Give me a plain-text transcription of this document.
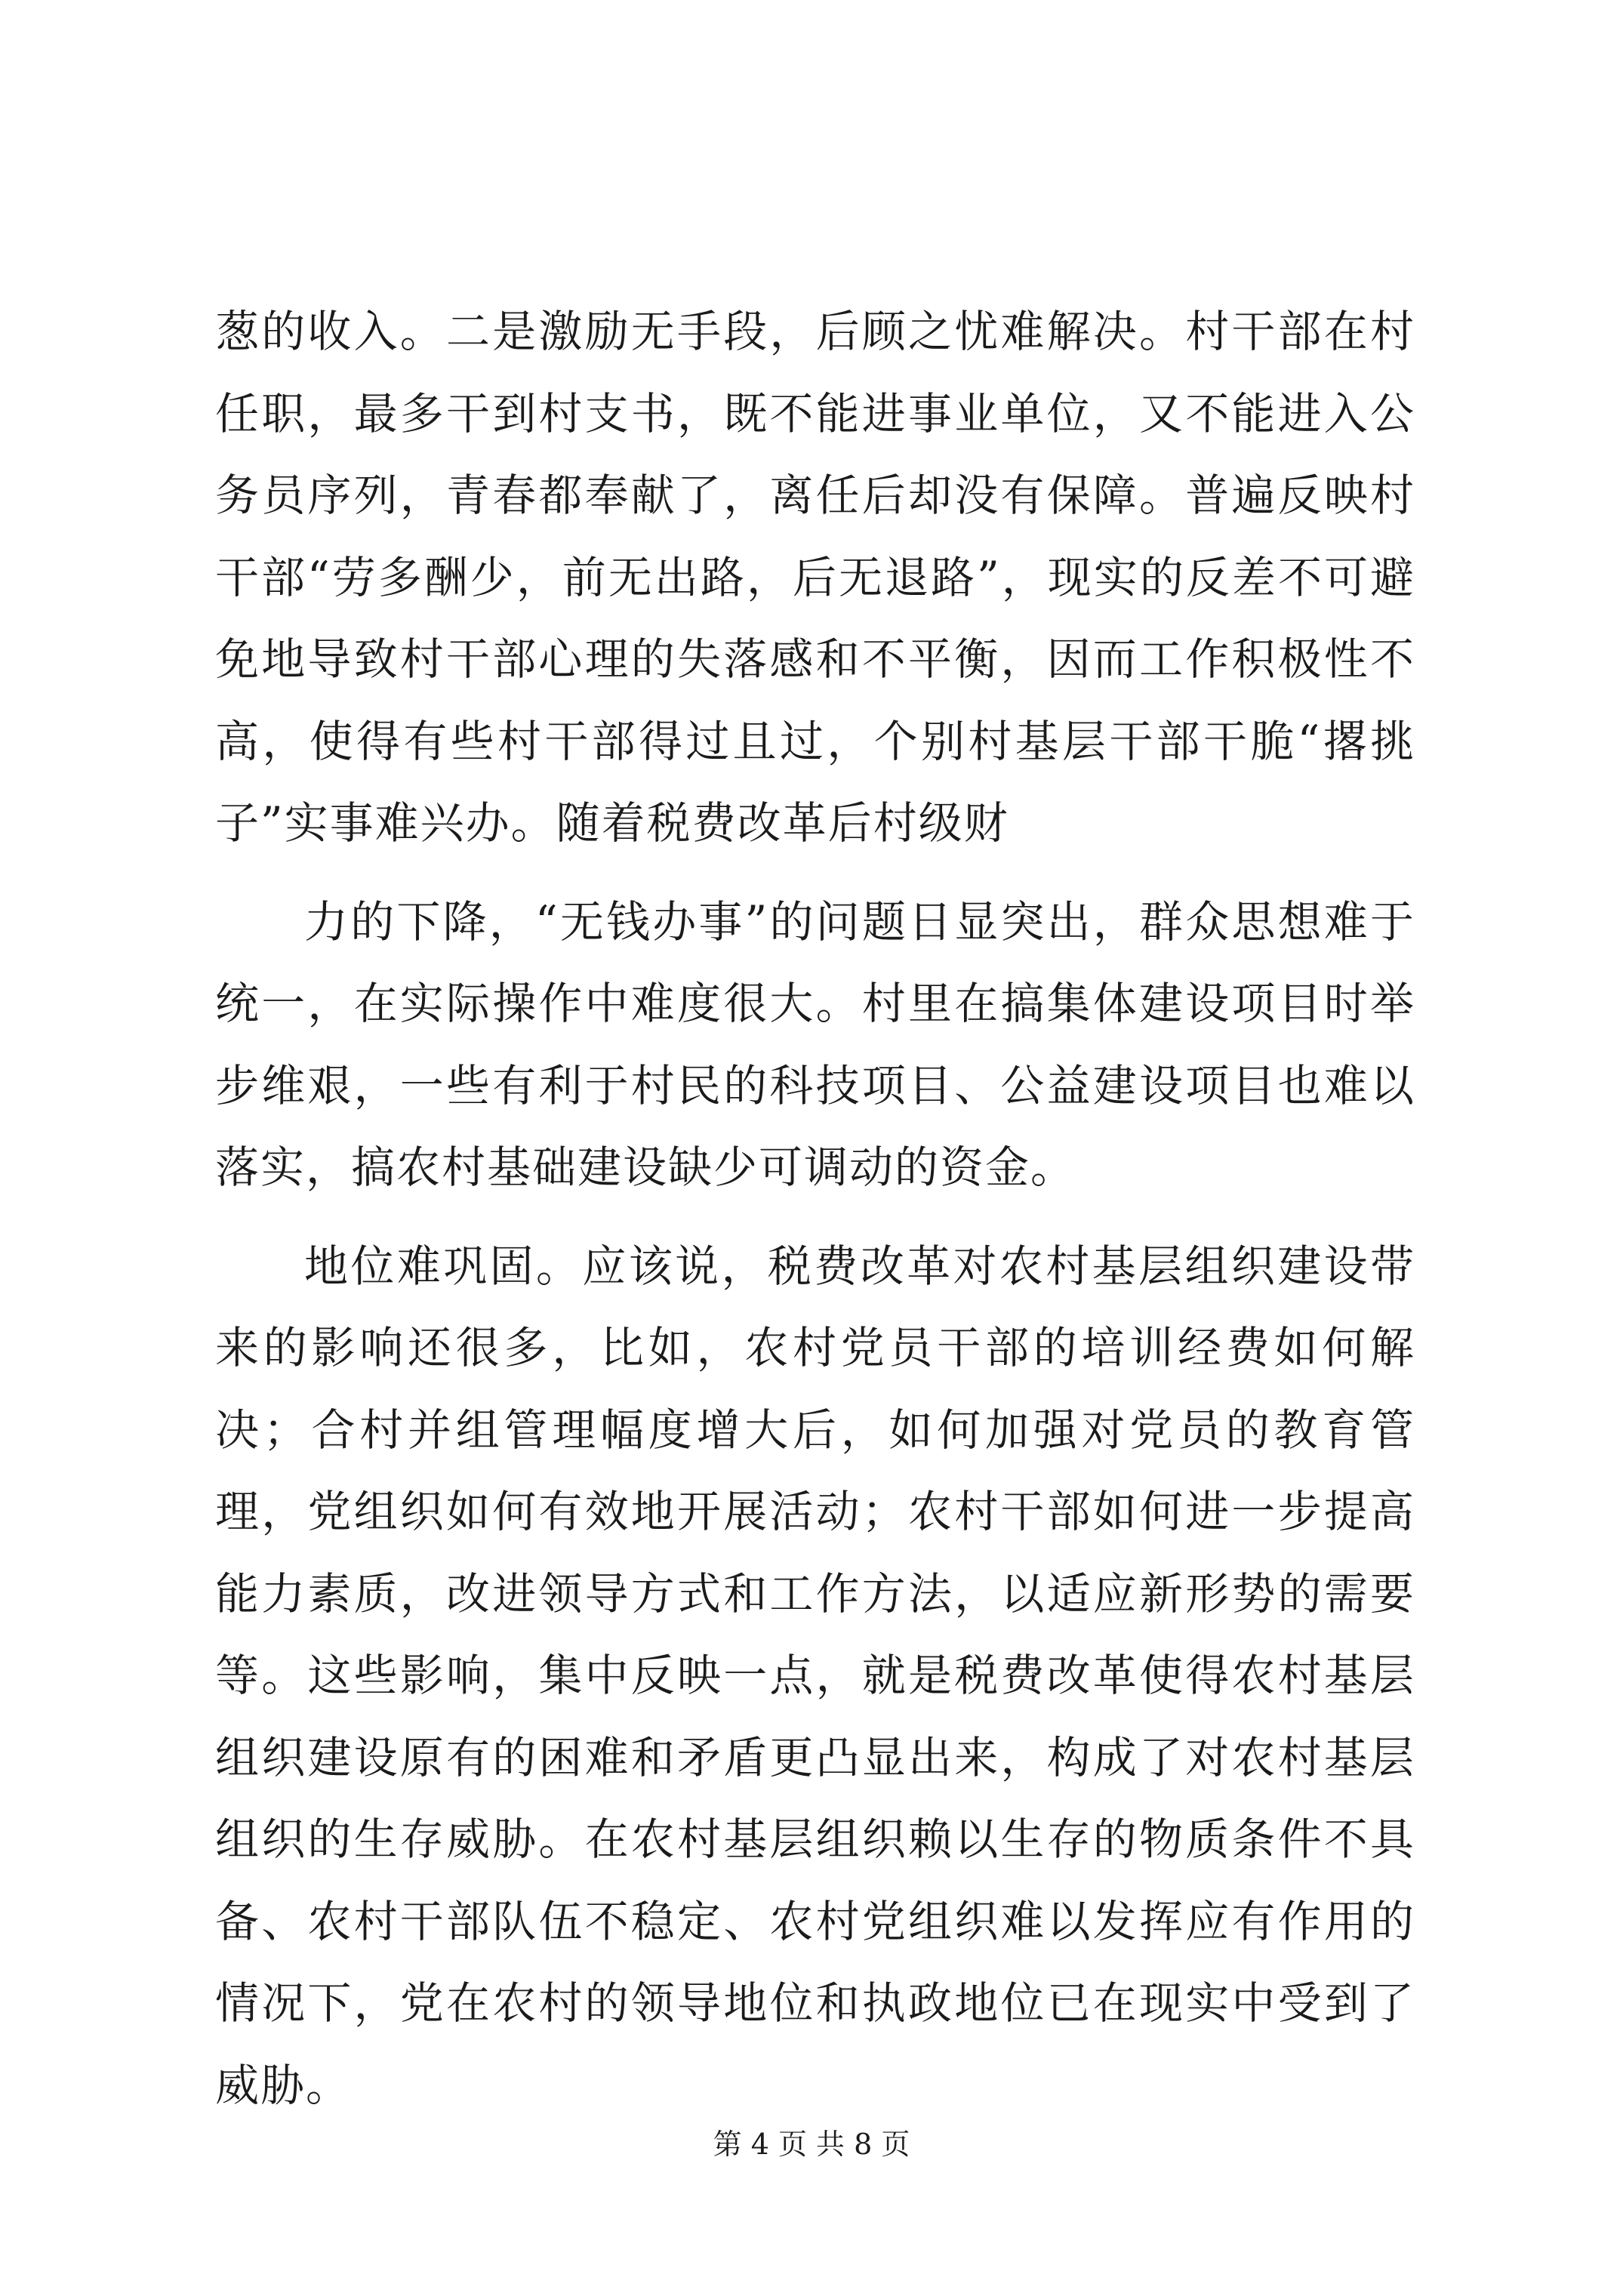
葱的收入。二是激励无手段，后顾之忧难解决。村干部在村任职，最多干到村支书，既不能进事业单位，又不能进入公务员序列，青春都奉献了，离任后却没有保障。普遍反映村干部“劳多酬少，前无出路，后无退路”，现实的反差不可避免地导致村干部心理的失落感和不平衡，因而工作积极性不高，使得有些村干部得过且过，个别村基层干部干脆“撂挑子”实事难兴办。随着税费改革后村级财

力的下降，“无钱办事”的问题日显突出，群众思想难于统一，在实际操作中难度很大。村里在搞集体建设项目时举步维艰，一些有利于村民的科技项目、公益建设项目也难以落实，搞农村基础建设缺少可调动的资金。

地位难巩固。应该说，税费改革对农村基层组织建设带来的影响还很多，比如，农村党员干部的培训经费如何解决；合村并组管理幅度增大后，如何加强对党员的教育管理，党组织如何有效地开展活动；农村干部如何进一步提高能力素质，改进领导方式和工作方法，以适应新形势的需要等。这些影响，集中反映一点，就是税费改革使得农村基层组织建设原有的困难和矛盾更凸显出来，构成了对农村基层组织的生存威胁。在农村基层组织赖以生存的物质条件不具备、农村干部队伍不稳定、农村党组织难以发挥应有作用的情况下，党在农村的领导地位和执政地位已在现实中受到了威胁。

第 4 页 共 8 页
